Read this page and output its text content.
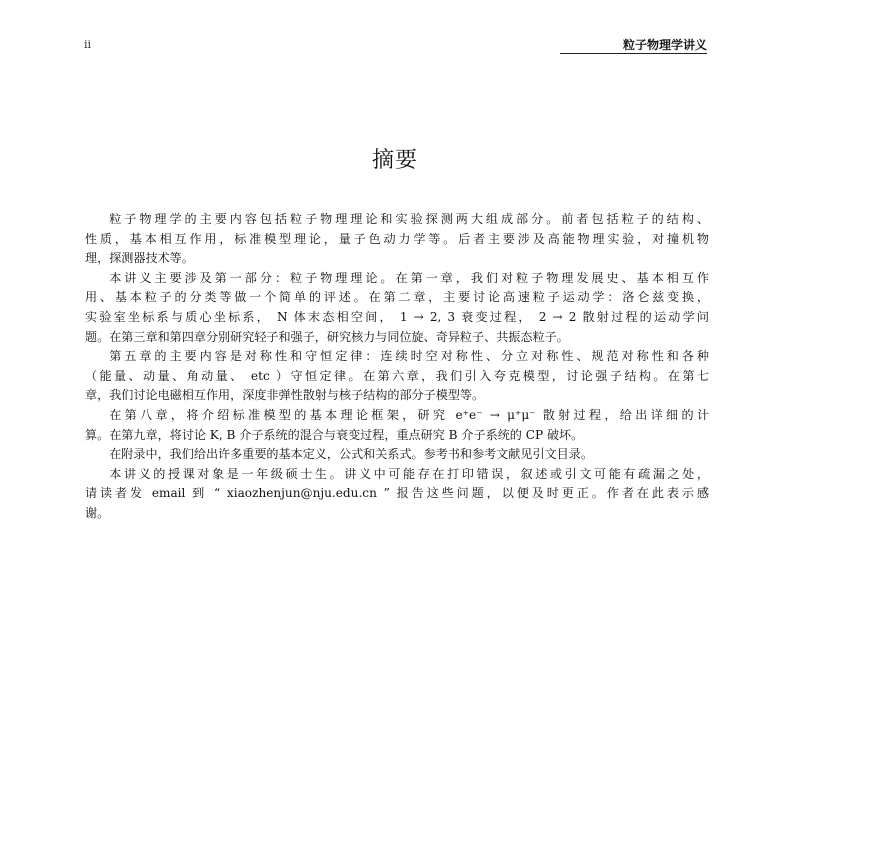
ii	粒子物理学讲义
摘要
粒子物理学的主要内容包括粒子物理理论和实验探测两大组成部分。前者包括粒子的结构、
性质，基本相互作用，标准模型理论，量子色动力学等。后者主要涉及高能物理实验，对撞机物
理，探测器技术等。
本讲义主要涉及第一部分：粒子物理理论。在第一章，我们对粒子物理发展史、基本相互作
用、基本粒子的分类等做一个简单的评述。在第二章，主要讨论高速粒子运动学：洛仑兹变换，
实验室坐标系与质心坐标系， N 体末态相空间， 1 → 2, 3 衰变过程， 2 → 2 散射过程的运动学问
题。在第三章和第四章分别研究轻子和强子，研究核力与同位旋、奇异粒子、共振态粒子。
第五章的主要内容是对称性和守恒定律：连续时空对称性、分立对称性、规范对称性和各种
（能量、动量、角动量、 etc ）守恒定律。在第六章，我们引入夸克模型，讨论强子结构。在第七
章，我们讨论电磁相互作用，深度非弹性散射与核子结构的部分子模型等。
在第八章，将介绍标准模型的基本理论框架，研究 e⁺e⁻ → μ⁺μ⁻ 散射过程，给出详细的计
算。在第九章，将讨论 K, B 介子系统的混合与衰变过程，重点研究 B 介子系统的 CP 破坏。
在附录中，我们给出许多重要的基本定义，公式和关系式。参考书和参考文献见引文目录。
本讲义的授课对象是一年级硕士生。讲义中可能存在打印错误，叙述或引文可能有疏漏之处，
请读者发 email 到 “ xiaozhenjun@nju.edu.cn ” 报告这些问题，以便及时更正。作者在此表示感
谢。
